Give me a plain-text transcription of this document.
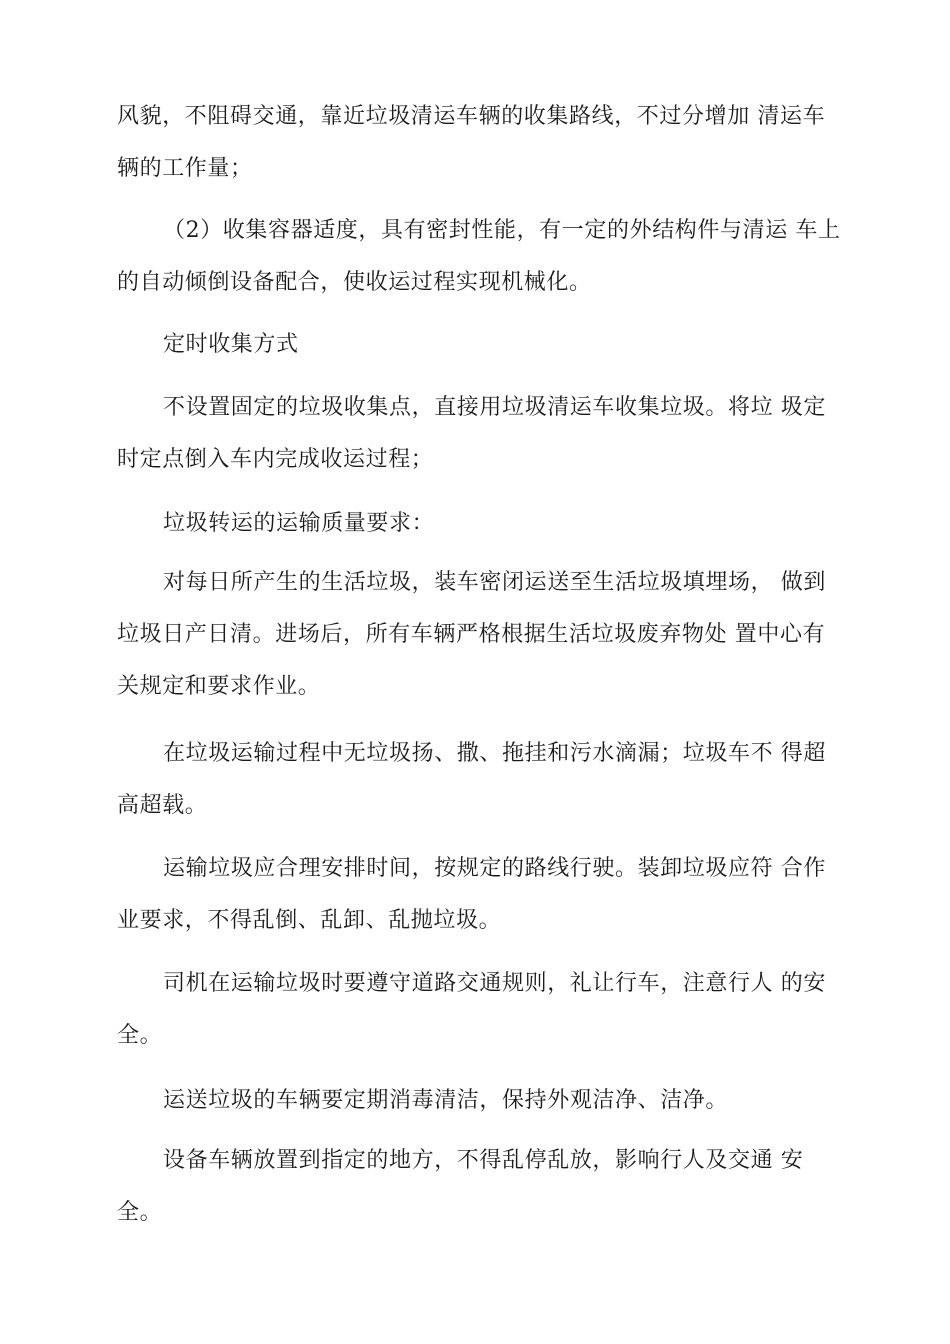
风貌，不阻碍交通，靠近垃圾清运车辆的收集路线，不过分增加 清运车
辆的工作量；

（2）收集容器适度，具有密封性能，有一定的外结构件与清运 车上
的自动倾倒设备配合，使收运过程实现机械化。

定时收集方式

不设置固定的垃圾收集点，直接用垃圾清运车收集垃圾。将垃 圾定
时定点倒入车内完成收运过程；

垃圾转运的运输质量要求：

对每日所产生的生活垃圾，装车密闭运送至生活垃圾填埋场， 做到
垃圾日产日清。进场后，所有车辆严格根据生活垃圾废弃物处 置中心有
关规定和要求作业。

在垃圾运输过程中无垃圾扬、撒、拖挂和污水滴漏；垃圾车不 得超
高超载。

运输垃圾应合理安排时间，按规定的路线行驶。装卸垃圾应符 合作
业要求，不得乱倒、乱卸、乱抛垃圾。

司机在运输垃圾时要遵守道路交通规则，礼让行车，注意行人 的安
全。

运送垃圾的车辆要定期消毒清洁，保持外观洁净、洁净。

设备车辆放置到指定的地方，不得乱停乱放，影响行人及交通 安
全。
